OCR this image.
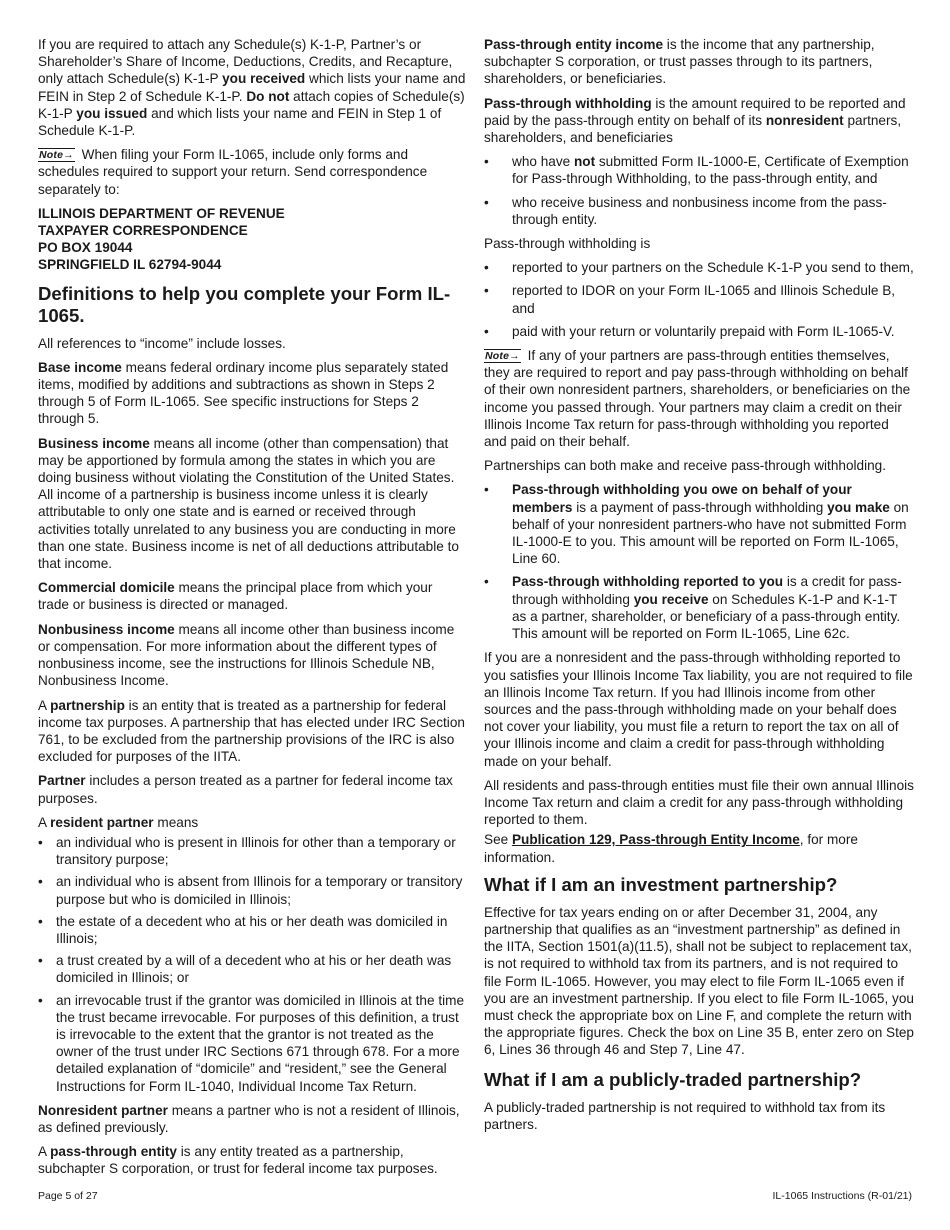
If you are required to attach any Schedule(s) K-1-P, Partner’s or Shareholder’s Share of Income, Deductions, Credits, and Recapture, only attach Schedule(s) K-1-P you received which lists your name and FEIN in Step 2 of Schedule K-1-P. Do not attach copies of Schedule(s) K-1-P you issued and which lists your name and FEIN in Step 1 of Schedule K-1-P.

Note→ When filing your Form IL-1065, include only forms and schedules required to support your return. Send correspondence separately to:

ILLINOIS DEPARTMENT OF REVENUE
TAXPAYER CORRESPONDENCE
PO BOX 19044
SPRINGFIELD IL 62794-9044
Definitions to help you complete your Form IL-1065.

All references to “income” include losses.

Base income means federal ordinary income plus separately stated items, modified by additions and subtractions as shown in Steps 2 through 5 of Form IL-1065. See specific instructions for Steps 2 through 5.

Business income means all income (other than compensation) that may be apportioned by formula among the states in which you are doing business without violating the Constitution of the United States. All income of a partnership is business income unless it is clearly attributable to only one state and is earned or received through activities totally unrelated to any business you are conducting in more than one state. Business income is net of all deductions attributable to that income.

Commercial domicile means the principal place from which your trade or business is directed or managed.

Nonbusiness income means all income other than business income or compensation. For more information about the different types of nonbusiness income, see the instructions for Illinois Schedule NB, Nonbusiness Income.

A partnership is an entity that is treated as a partnership for federal income tax purposes. A partnership that has elected under IRC Section 761, to be excluded from the partnership provisions of the IRC is also excluded for purposes of the IITA.

Partner includes a person treated as a partner for federal income tax purposes.

A resident partner means

• an individual who is present in Illinois for other than a temporary or transitory purpose;
• an individual who is absent from Illinois for a temporary or transitory purpose but who is domiciled in Illinois;
• the estate of a decedent who at his or her death was domiciled in Illinois;
• a trust created by a will of a decedent who at his or her death was domiciled in Illinois; or
• an irrevocable trust if the grantor was domiciled in Illinois at the time the trust became irrevocable. For purposes of this definition, a trust is irrevocable to the extent that the grantor is not treated as the owner of the trust under IRC Sections 671 through 678. For a more detailed explanation of “domicile” and “resident,” see the General Instructions for Form IL-1040, Individual Income Tax Return.

Nonresident partner means a partner who is not a resident of Illinois, as defined previously.

A pass-through entity is any entity treated as a partnership, subchapter S corporation, or trust for federal income tax purposes.

Pass-through entity income is the income that any partnership, subchapter S corporation, or trust passes through to its partners, shareholders, or beneficiaries.

Pass-through withholding is the amount required to be reported and paid by the pass-through entity on behalf of its nonresident partners, shareholders, and beneficiaries

• who have not submitted Form IL-1000-E, Certificate of Exemption for Pass-through Withholding, to the pass-through entity, and
• who receive business and nonbusiness income from the pass-through entity.

Pass-through withholding is

• reported to your partners on the Schedule K-1-P you send to them,
• reported to IDOR on your Form IL-1065 and Illinois Schedule B, and
• paid with your return or voluntarily prepaid with Form IL-1065-V.

Note→ If any of your partners are pass-through entities themselves, they are required to report and pay pass-through withholding on behalf of their own nonresident partners, shareholders, or beneficiaries on the income you passed through. Your partners may claim a credit on their Illinois Income Tax return for pass-through withholding you reported and paid on their behalf.

Partnerships can both make and receive pass-through withholding.

• Pass-through withholding you owe on behalf of your members is a payment of pass-through withholding you make on behalf of your nonresident partners-who have not submitted Form IL-1000-E to you. This amount will be reported on Form IL-1065, Line 60.
• Pass-through withholding reported to you is a credit for pass-through withholding you receive on Schedules K-1-P and K-1-T as a partner, shareholder, or beneficiary of a pass-through entity. This amount will be reported on Form IL-1065, Line 62c.

If you are a nonresident and the pass-through withholding reported to you satisfies your Illinois Income Tax liability, you are not required to file an Illinois Income Tax return. If you had Illinois income from other sources and the pass-through withholding made on your behalf does not cover your liability, you must file a return to report the tax on all of your Illinois income and claim a credit for pass-through withholding made on your behalf.

All residents and pass-through entities must file their own annual Illinois Income Tax return and claim a credit for any pass-through withholding reported to them.

See Publication 129, Pass-through Entity Income, for more information.

What if I am an investment partnership?

Effective for tax years ending on or after December 31, 2004, any partnership that qualifies as an “investment partnership” as defined in the IITA, Section 1501(a)(11.5), shall not be subject to replacement tax, is not required to withhold tax from its partners, and is not required to file Form IL-1065. However, you may elect to file Form IL-1065 even if you are an investment partnership. If you elect to file Form IL-1065, you must check the appropriate box on Line F, and complete the return with the appropriate figures. Check the box on Line 35 B, enter zero on Step 6, Lines 36 through 46 and Step 7, Line 47.

What if I am a publicly-traded partnership?

A publicly-traded partnership is not required to withhold tax from its partners.

Page 5 of 27	IL-1065 Instructions (R-01/21)
